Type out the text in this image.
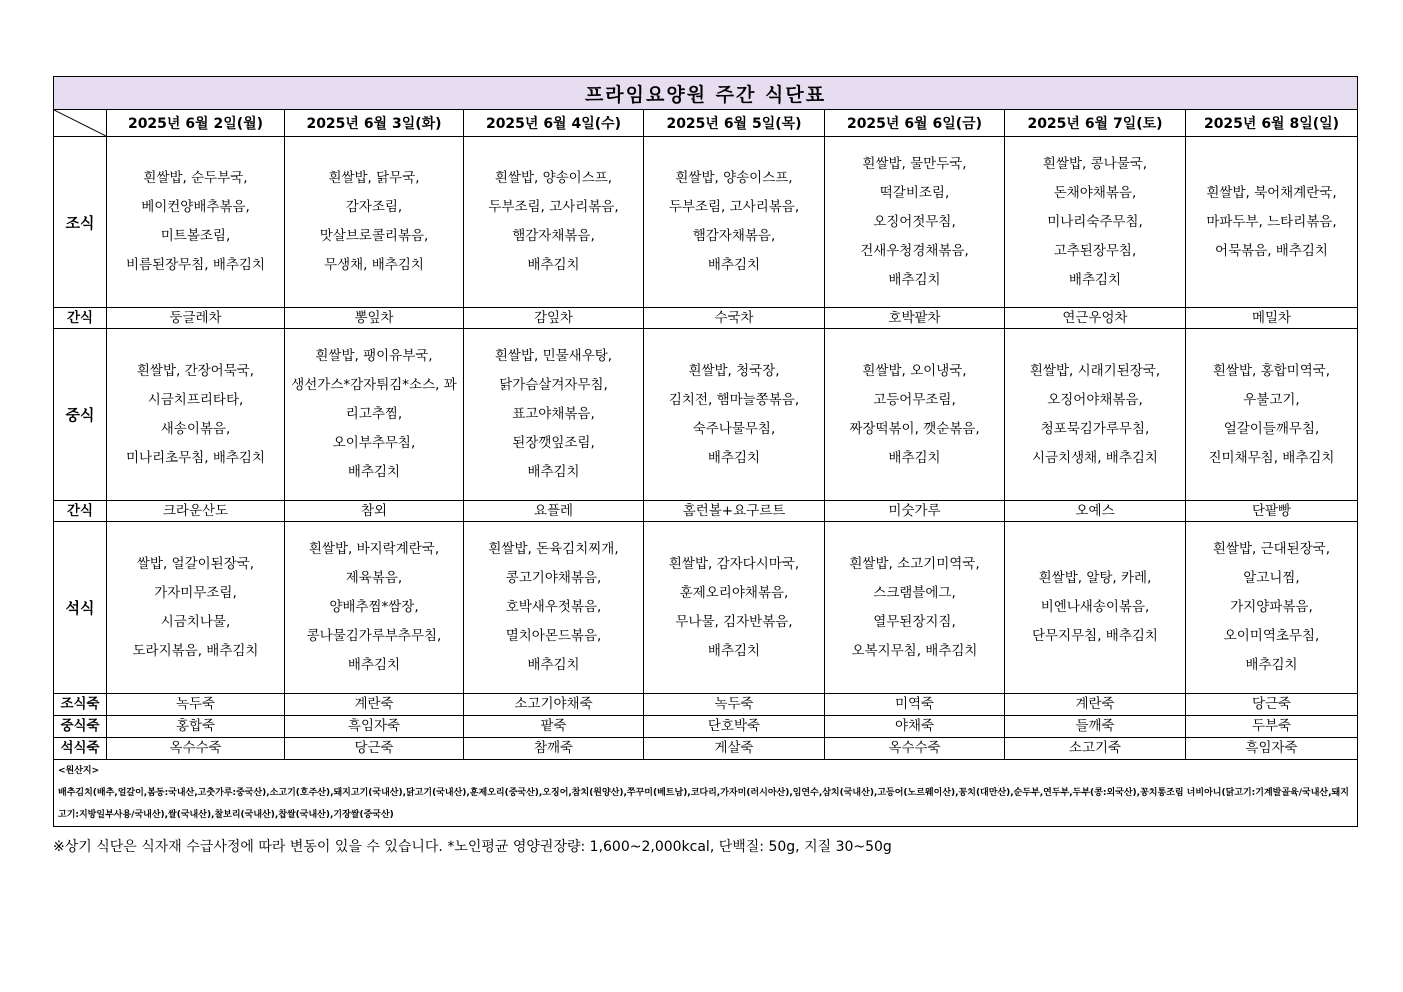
프라임요양원 주간 식단표							

	2025년 6월 2일(월)	2025년 6월 3일(화)	2025년 6월 4일(수)	2025년 6월 5일(목)	2025년 6월 6일(금)	2025년 6월 7일(토)	2025년 6월 8일(일)
조식	흰쌀밥, 순두부국,
베이컨양배추볶음,
미트볼조림,
비름된장무침, 배추김치	흰쌀밥, 닭무국,
감자조림,
맛살브로콜리볶음,
무생채, 배추김치	흰쌀밥, 양송이스프,
두부조림, 고사리볶음,
햄감자채볶음,
배추김치	흰쌀밥, 양송이스프,
두부조림, 고사리볶음,
햄감자채볶음,
배추김치	흰쌀밥, 물만두국,
떡갈비조림,
오징어젓무침,
건새우청경채볶음,
배추김치	흰쌀밥, 콩나물국,
돈채야채볶음,
미나리숙주무침,
고추된장무침,
배추김치	흰쌀밥, 북어채계란국,
마파두부, 느타리볶음,
어묵볶음, 배추김치
간식	둥글레차	뽕잎차	감잎차	수국차	호박팥차	연근우엉차	메밀차
중식	흰쌀밥, 간장어묵국,
시금치프리타타,
새송이볶음,
미나리초무침, 배추김치	흰쌀밥, 팽이유부국,
생선가스*감자튀김*소스, 꽈리고추찜,
오이부추무침,
배추김치	흰쌀밥, 민물새우탕,
닭가슴살겨자무침,
표고야채볶음,
된장깻잎조림,
배추김치	흰쌀밥, 청국장,
김치전, 햄마늘쫑볶음,
숙주나물무침,
배추김치	흰쌀밥, 오이냉국,
고등어무조림,
짜장떡볶이, 깻순볶음,
배추김치	흰쌀밥, 시래기된장국,
오징어야채볶음,
청포묵김가루무침,
시금치생채, 배추김치	흰쌀밥, 홍합미역국,
우불고기,
얼갈이들깨무침,
진미채무침, 배추김치
간식	크라운산도	참외	요플레	홈런볼+요구르트	미숫가루	오예스	단팥빵
석식	쌀밥, 얼갈이된장국,
가자미무조림,
시금치나물,
도라지볶음, 배추김치	흰쌀밥, 바지락계란국,
제육볶음,
양배추찜*쌈장,
콩나물김가루부추무침,
배추김치	흰쌀밥, 돈육김치찌개,
콩고기야채볶음,
호박새우젓볶음,
멸치아몬드볶음,
배추김치	흰쌀밥, 감자다시마국,
훈제오리야채볶음,
무나물, 김자반볶음,
배추김치	흰쌀밥, 소고기미역국,
스크램블에그,
열무된장지짐,
오복지무침, 배추김치	흰쌀밥, 알탕, 카레,
비엔나새송이볶음,
단무지무침, 배추김치	흰쌀밥, 근대된장국,
알고니찜,
가지양파볶음,
오이미역초무침,
배추김치
조식죽	녹두죽	계란죽	소고기야채죽	녹두죽	미역죽	계란죽	당근죽
중식죽	홍합죽	흑임자죽	팥죽	단호박죽	야채죽	들깨죽	두부죽
석식죽	옥수수죽	당근죽	참깨죽	게살죽	옥수수죽	소고기죽	흑임자죽

<원산지>
배추김치(배추,얼갈이,봄동:국내산,고춧가루:중국산),소고기(호주산),돼지고기(국내산),닭고기(국내산),훈제오리(중국산),오징어,참치(원양산),쭈꾸미(베트남),코다리,가자미(러시아산),임연수,삼치(국내산),고등어(노르웨이산),꽁치(대만산),순두부,연두부,두부(콩:외국산),꽁치통조림 너비아니(닭고기:기계발골육/국내산,돼지고기:지방일부사용/국내산),쌀(국내산),찰보리(국내산),찹쌀(국내산),기장쌀(중국산)							
※상기 식단은 식자재 수급사정에 따라 변동이 있을 수 있습니다. *노인평균 영양권장량: 1,600~2,000kcal, 단백질: 50g, 지질 30~50g
